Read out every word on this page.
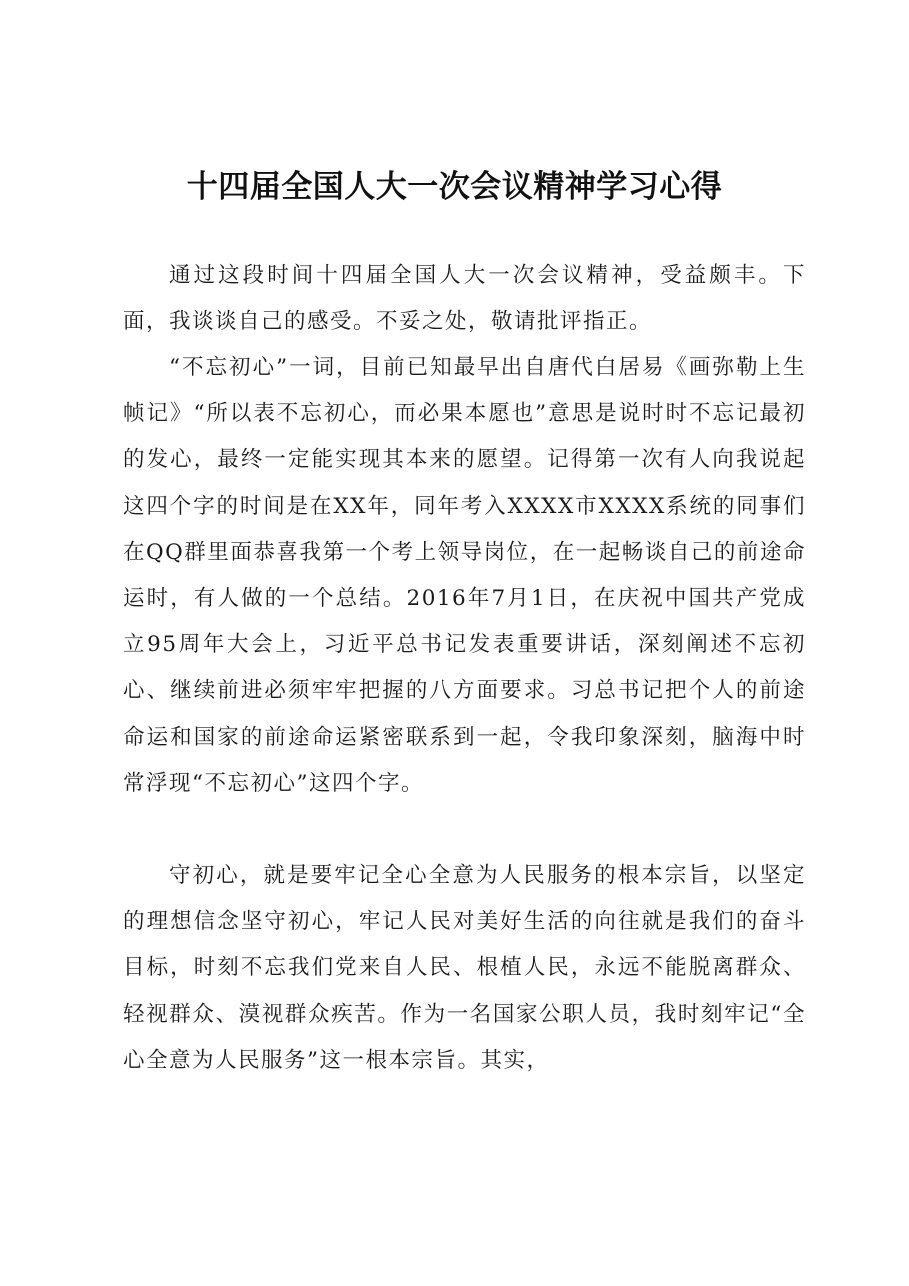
十四届全国人大一次会议精神学习心得

通过这段时间十四届全国人大一次会议精神，受益颇丰。下面，我谈谈自己的感受。不妥之处，敬请批评指正。

“不忘初心”一词，目前已知最早出自唐代白居易《画弥勒上生帧记》“所以表不忘初心，而必果本愿也”意思是说时时不忘记最初的发心，最终一定能实现其本来的愿望。记得第一次有人向我说起这四个字的时间是在XX年，同年考入XXXX市XXXX系统的同事们在QQ群里面恭喜我第一个考上领导岗位，在一起畅谈自己的前途命运时，有人做的一个总结。2016年7月1日，在庆祝中国共产党成立95周年大会上，习近平总书记发表重要讲话，深刻阐述不忘初心、继续前进必须牢牢把握的八方面要求。习总书记把个人的前途命运和国家的前途命运紧密联系到一起，令我印象深刻，脑海中时常浮现“不忘初心”这四个字。

守初心，就是要牢记全心全意为人民服务的根本宗旨，以坚定的理想信念坚守初心，牢记人民对美好生活的向往就是我们的奋斗目标，时刻不忘我们党来自人民、根植人民，永远不能脱离群众、轻视群众、漠视群众疾苦。作为一名国家公职人员，我时刻牢记“全心全意为人民服务”这一根本宗旨。其实，
